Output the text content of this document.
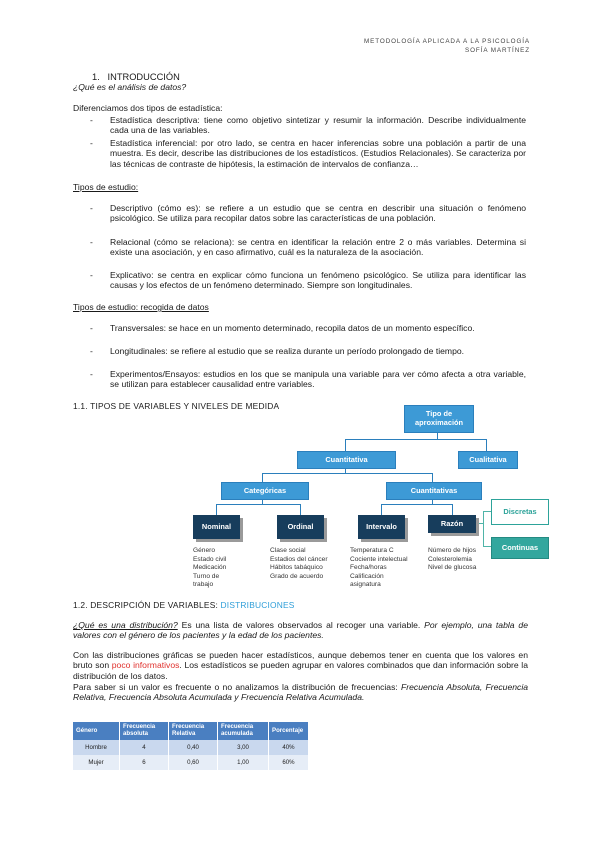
METODOLOGÍA APLICADA A LA PSICOLOGÍA
SOFÍA MARTÍNEZ
1. INTRODUCCIÓN
¿Qué es el análisis de datos?
Diferenciamos dos tipos de estadística:
- Estadística descriptiva: tiene como objetivo sintetizar y resumir la información. Describe individualmente cada una de las variables.
- Estadística inferencial: por otro lado, se centra en hacer inferencias sobre una población a partir de una muestra. Es decir, describe las distribuciones de los estadísticos. (Estudios Relacionales). Se caracteriza por las técnicas de contraste de hipótesis, la estimación de intervalos de confianza…
Tipos de estudio:
- Descriptivo (cómo es): se refiere a un estudio que se centra en describir una situación o fenómeno psicológico. Se utiliza para recopilar datos sobre las características de una población.
- Relacional (cómo se relaciona): se centra en identificar la relación entre 2 o más variables. Determina si existe una asociación, y en caso afirmativo, cuál es la naturaleza de la asociación.
- Explicativo: se centra en explicar cómo funciona un fenómeno psicológico. Se utiliza para identificar las causas y los efectos de un fenómeno determinado. Siempre son longitudinales.
Tipos de estudio: recogida de datos
- Transversales: se hace en un momento determinado, recopila datos de un momento específico.
- Longitudinales: se refiere al estudio que se realiza durante un período prolongado de tiempo.
- Experimentos/Ensayos: estudios en los que se manipula una variable para ver cómo afecta a otra variable, se utilizan para establecer causalidad entre variables.
1.1. TIPOS DE VARIABLES Y NIVELES DE MEDIDA
Tipo de aproximación
Cuantitativa	Cualitativa
Categóricas	Cuantitativas
Nominal	Ordinal	Intervalo	Razón
Discretas
Continuas
Género
Estado civil
Medicación
Turno de
trabajo
Clase social
Estadios del cáncer
Hábitos tabáquico
Grado de acuerdo
Temperatura C
Cociente intelectual
Fecha/horas
Calificación
asignatura
Número de hijos
Colesterolemia
Nivel de glucosa
1.2. DESCRIPCIÓN DE VARIABLES: DISTRIBUCIONES
¿Qué es una distribución? Es una lista de valores observados al recoger una variable. Por ejemplo, una tabla de valores con el género de los pacientes y la edad de los pacientes.
Con las distribuciones gráficas se pueden hacer estadísticos, aunque debemos tener en cuenta que los valores en bruto son poco informativos. Los estadísticos se pueden agrupar en valores combinados que dan información sobre la distribución de los datos.
Para saber si un valor es frecuente o no analizamos la distribución de frecuencias: Frecuencia Absoluta, Frecuencia Relativa, Frecuencia Absoluta Acumulada y Frecuencia Relativa Acumulada.
Género	Frecuencia absoluta	Frecuencia Relativa	Frecuencia acumulada	Porcentaje
Hombre	4	0,40	3,00	40%
Mujer	6	0,60	1,00	60%
